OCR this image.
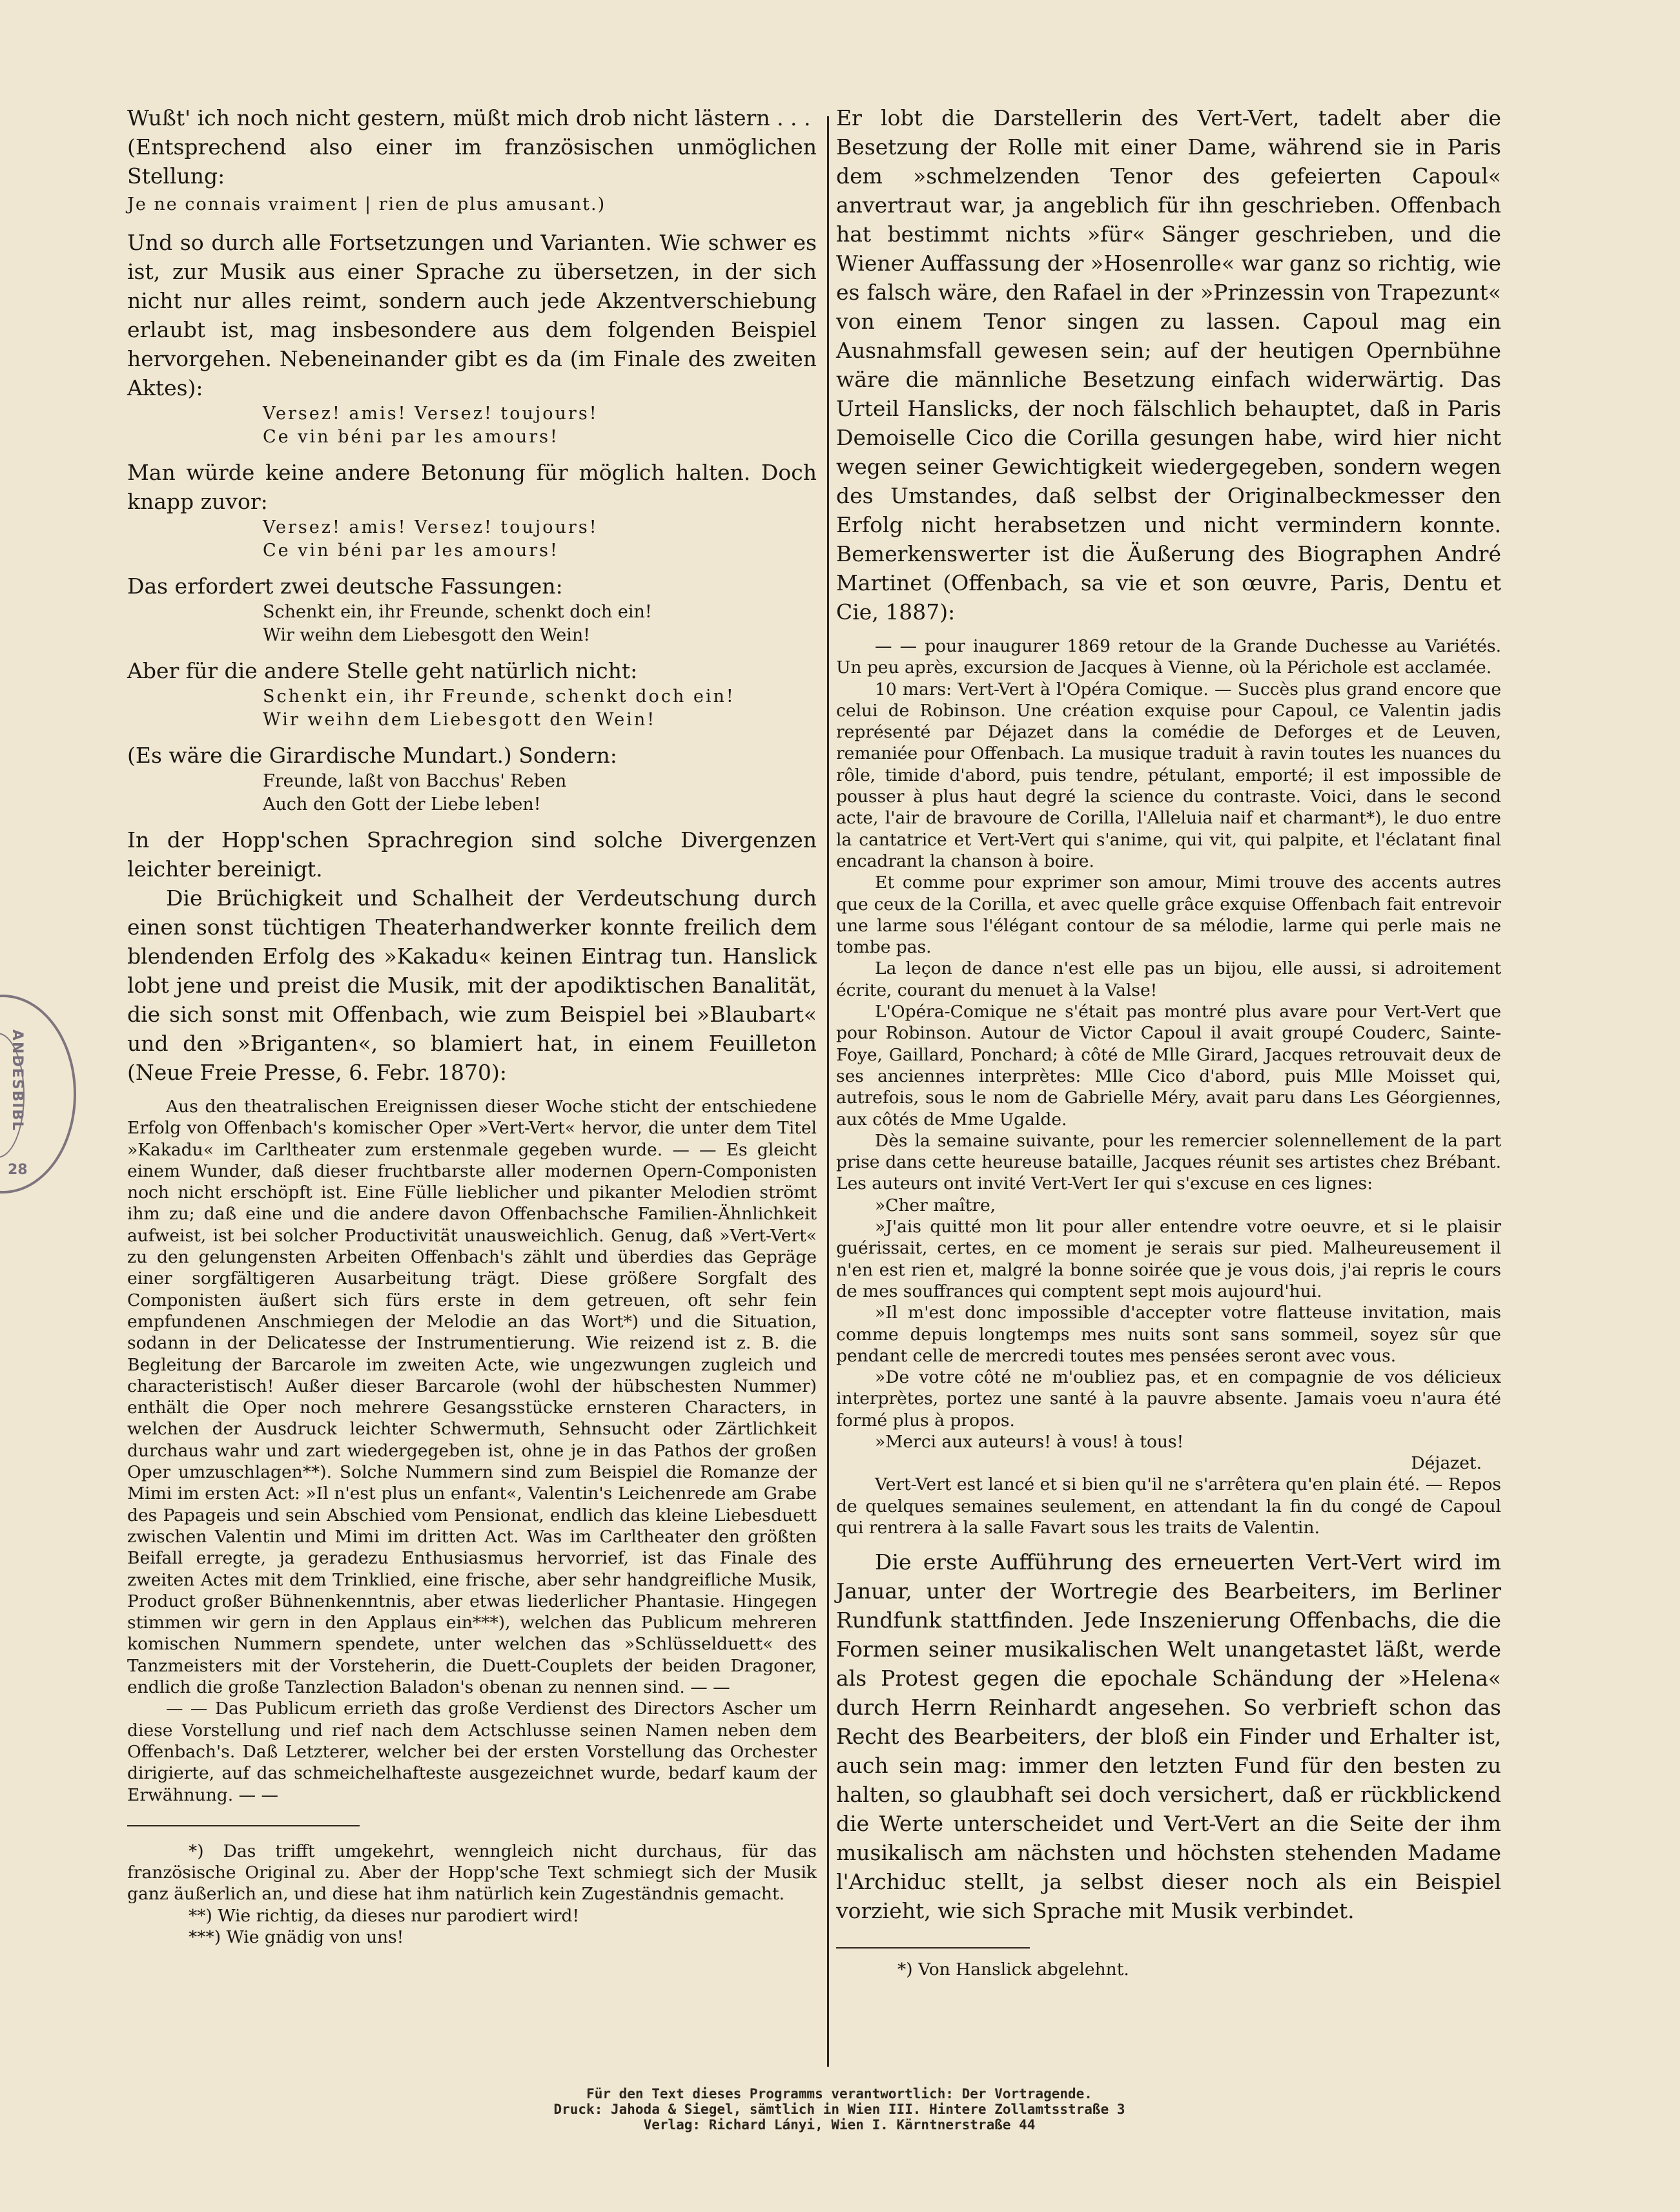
ANDESBIBL
28

Wußt' ich noch nicht gestern, müßt mich drob nicht lästern . . .

(Entsprechend also einer im französischen unmöglichen Stellung:

Je ne connais vraiment | rien de plus amusant.)

Und so durch alle Fortsetzungen und Varianten. Wie schwer es ist, zur Musik aus einer Sprache zu übersetzen, in der sich nicht nur alles reimt, sondern auch jede Akzentverschiebung erlaubt ist, mag insbesondere aus dem folgenden Beispiel hervorgehen. Nebeneinander gibt es da (im Finale des zweiten Aktes):

Versez! amis! Versez! toujours!

Ce vin béni par les amours!

Man würde keine andere Betonung für möglich halten. Doch knapp zuvor:

Versez! amis! Versez! toujours!

Ce vin béni par les amours!

Das erfordert zwei deutsche Fassungen:

Schenkt ein, ihr Freunde, schenkt doch ein!

Wir weihn dem Liebesgott den Wein!

Aber für die andere Stelle geht natürlich nicht:

Schenkt ein, ihr Freunde, schenkt doch ein!

Wir weihn dem Liebesgott den Wein!

(Es wäre die Girardische Mundart.) Sondern:

Freunde, laßt von Bacchus' Reben

Auch den Gott der Liebe leben!

In der Hopp'schen Sprachregion sind solche Divergenzen leichter bereinigt.

Die Brüchigkeit und Schalheit der Verdeutschung durch einen sonst tüchtigen Theaterhandwerker konnte freilich dem blendenden Erfolg des »Kakadu« keinen Eintrag tun. Hanslick lobt jene und preist die Musik, mit der apodiktischen Banalität, die sich sonst mit Offenbach, wie zum Beispiel bei »Blaubart« und den »Briganten«, so blamiert hat, in einem Feuilleton (Neue Freie Presse, 6. Febr. 1870):

Aus den theatralischen Ereignissen dieser Woche sticht der entschiedene Erfolg von Offenbach's komischer Oper »Vert-Vert« hervor, die unter dem Titel »Kakadu« im Carltheater zum erstenmale gegeben wurde. — — Es gleicht einem Wunder, daß dieser fruchtbarste aller modernen Opern-Componisten noch nicht erschöpft ist. Eine Fülle lieblicher und pikanter Melodien strömt ihm zu; daß eine und die andere davon Offenbachsche Familien-Ähnlichkeit aufweist, ist bei solcher Productivität unausweichlich. Genug, daß »Vert-Vert« zu den gelungensten Arbeiten Offenbach's zählt und überdies das Gepräge einer sorgfältigeren Ausarbeitung trägt. Diese größere Sorgfalt des Componisten äußert sich fürs erste in dem getreuen, oft sehr fein empfundenen Anschmiegen der Melodie an das Wort*) und die Situation, sodann in der Delicatesse der Instrumentierung. Wie reizend ist z. B. die Begleitung der Barcarole im zweiten Acte, wie ungezwungen zugleich und characteristisch! Außer dieser Barcarole (wohl der hübschesten Nummer) enthält die Oper noch mehrere Gesangsstücke ernsteren Characters, in welchen der Ausdruck leichter Schwermuth, Sehnsucht oder Zärtlichkeit durchaus wahr und zart wiedergegeben ist, ohne je in das Pathos der großen Oper umzuschlagen**). Solche Nummern sind zum Beispiel die Romanze der Mimi im ersten Act: »Il n'est plus un enfant«, Valentin's Leichenrede am Grabe des Papageis und sein Abschied vom Pensionat, endlich das kleine Liebesduett zwischen Valentin und Mimi im dritten Act. Was im Carltheater den größten Beifall erregte, ja geradezu Enthusiasmus hervorrief, ist das Finale des zweiten Actes mit dem Trinklied, eine frische, aber sehr handgreifliche Musik, Product großer Bühnenkenntnis, aber etwas liederlicher Phantasie. Hingegen stimmen wir gern in den Applaus ein***), welchen das Publicum mehreren komischen Nummern spendete, unter welchen das »Schlüsselduett« des Tanzmeisters mit der Vorsteherin, die Duett-Couplets der beiden Dragoner, endlich die große Tanzlection Baladon's obenan zu nennen sind. — —

— — Das Publicum errieth das große Verdienst des Directors Ascher um diese Vorstellung und rief nach dem Actschlusse seinen Namen neben dem Offenbach's. Daß Letzterer, welcher bei der ersten Vorstellung das Orchester dirigierte, auf das schmeichelhafteste ausgezeichnet wurde, bedarf kaum der Erwähnung. — —

*) Das trifft umgekehrt, wenngleich nicht durchaus, für das französische Original zu. Aber der Hopp'sche Text schmiegt sich der Musik ganz äußerlich an, und diese hat ihm natürlich kein Zugeständnis gemacht.

**) Wie richtig, da dieses nur parodiert wird!

***) Wie gnädig von uns!

Er lobt die Darstellerin des Vert-Vert, tadelt aber die Besetzung der Rolle mit einer Dame, während sie in Paris dem »schmelzenden Tenor des gefeierten Capoul« anvertraut war, ja angeblich für ihn geschrieben. Offenbach hat bestimmt nichts »für« Sänger geschrieben, und die Wiener Auffassung der »Hosenrolle« war ganz so richtig, wie es falsch wäre, den Rafael in der »Prinzessin von Trapezunt« von einem Tenor singen zu lassen. Capoul mag ein Ausnahmsfall gewesen sein; auf der heutigen Opernbühne wäre die männliche Besetzung einfach widerwärtig. Das Urteil Hanslicks, der noch fälschlich behauptet, daß in Paris Demoiselle Cico die Corilla gesungen habe, wird hier nicht wegen seiner Gewichtigkeit wiedergegeben, sondern wegen des Umstandes, daß selbst der Originalbeckmesser den Erfolg nicht herabsetzen und nicht vermindern konnte. Bemerkenswerter ist die Äußerung des Biographen André Martinet (Offenbach, sa vie et son œuvre, Paris, Dentu et Cie, 1887):

— — pour inaugurer 1869 retour de la Grande Duchesse au Variétés. Un peu après, excursion de Jacques à Vienne, où la Périchole est acclamée.

10 mars: Vert-Vert à l'Opéra Comique. — Succès plus grand encore que celui de Robinson. Une création exquise pour Capoul, ce Valentin jadis représenté par Déjazet dans la comédie de Deforges et de Leuven, remaniée pour Offenbach. La musique traduit à ravin toutes les nuances du rôle, timide d'abord, puis tendre, pétulant, emporté; il est impossible de pousser à plus haut degré la science du contraste. Voici, dans le second acte, l'air de bravoure de Corilla, l'Alleluia naif et charmant*), le duo entre la cantatrice et Vert-Vert qui s'anime, qui vit, qui palpite, et l'éclatant final encadrant la chanson à boire.

Et comme pour exprimer son amour, Mimi trouve des accents autres que ceux de la Corilla, et avec quelle grâce exquise Offenbach fait entrevoir une larme sous l'élégant contour de sa mélodie, larme qui perle mais ne tombe pas.

La leçon de dance n'est elle pas un bijou, elle aussi, si adroitement écrite, courant du menuet à la Valse!

L'Opéra-Comique ne s'était pas montré plus avare pour Vert-Vert que pour Robinson. Autour de Victor Capoul il avait groupé Couderc, Sainte-Foye, Gaillard, Ponchard; à côté de Mlle Girard, Jacques retrouvait deux de ses anciennes interprètes: Mlle Cico d'abord, puis Mlle Moisset qui, autrefois, sous le nom de Gabrielle Méry, avait paru dans Les Géorgiennes, aux côtés de Mme Ugalde.

Dès la semaine suivante, pour les remercier solennellement de la part prise dans cette heureuse bataille, Jacques réunit ses artistes chez Brébant. Les auteurs ont invité Vert-Vert Ier qui s'excuse en ces lignes:

»Cher maître,

»J'ais quitté mon lit pour aller entendre votre oeuvre, et si le plaisir guérissait, certes, en ce moment je serais sur pied. Malheureusement il n'en est rien et, malgré la bonne soirée que je vous dois, j'ai repris le cours de mes souffrances qui comptent sept mois aujourd'hui.

»Il m'est donc impossible d'accepter votre flatteuse invitation, mais comme depuis longtemps mes nuits sont sans sommeil, soyez sûr que pendant celle de mercredi toutes mes pensées seront avec vous.

»De votre côté ne m'oubliez pas, et en compagnie de vos délicieux interprètes, portez une santé à la pauvre absente. Jamais voeu n'aura été formé plus à propos.

»Merci aux auteurs! à vous! à tous!

Déjazet.

Vert-Vert est lancé et si bien qu'il ne s'arrêtera qu'en plain été. — Repos de quelques semaines seulement, en attendant la fin du congé de Capoul qui rentrera à la salle Favart sous les traits de Valentin.

Die erste Aufführung des erneuerten Vert-Vert wird im Januar, unter der Wortregie des Bearbeiters, im Berliner Rundfunk stattfinden. Jede Inszenierung Offenbachs, die die Formen seiner musikalischen Welt unangetastet läßt, werde als Protest gegen die epochale Schändung der »Helena« durch Herrn Reinhardt angesehen. So verbrieft schon das Recht des Bearbeiters, der bloß ein Finder und Erhalter ist, auch sein mag: immer den letzten Fund für den besten zu halten, so glaubhaft sei doch versichert, daß er rückblickend die Werte unterscheidet und Vert-Vert an die Seite der ihm musikalisch am nächsten und höchsten stehenden Madame l'Archiduc stellt, ja selbst dieser noch als ein Beispiel vorzieht, wie sich Sprache mit Musik verbindet.

*) Von Hanslick abgelehnt.

Für den Text dieses Programms verantwortlich: Der Vortragende.
Druck: Jahoda & Siegel, sämtlich in Wien III. Hintere Zollamtsstraße 3
Verlag: Richard Lányi, Wien I. Kärntnerstraße 44
